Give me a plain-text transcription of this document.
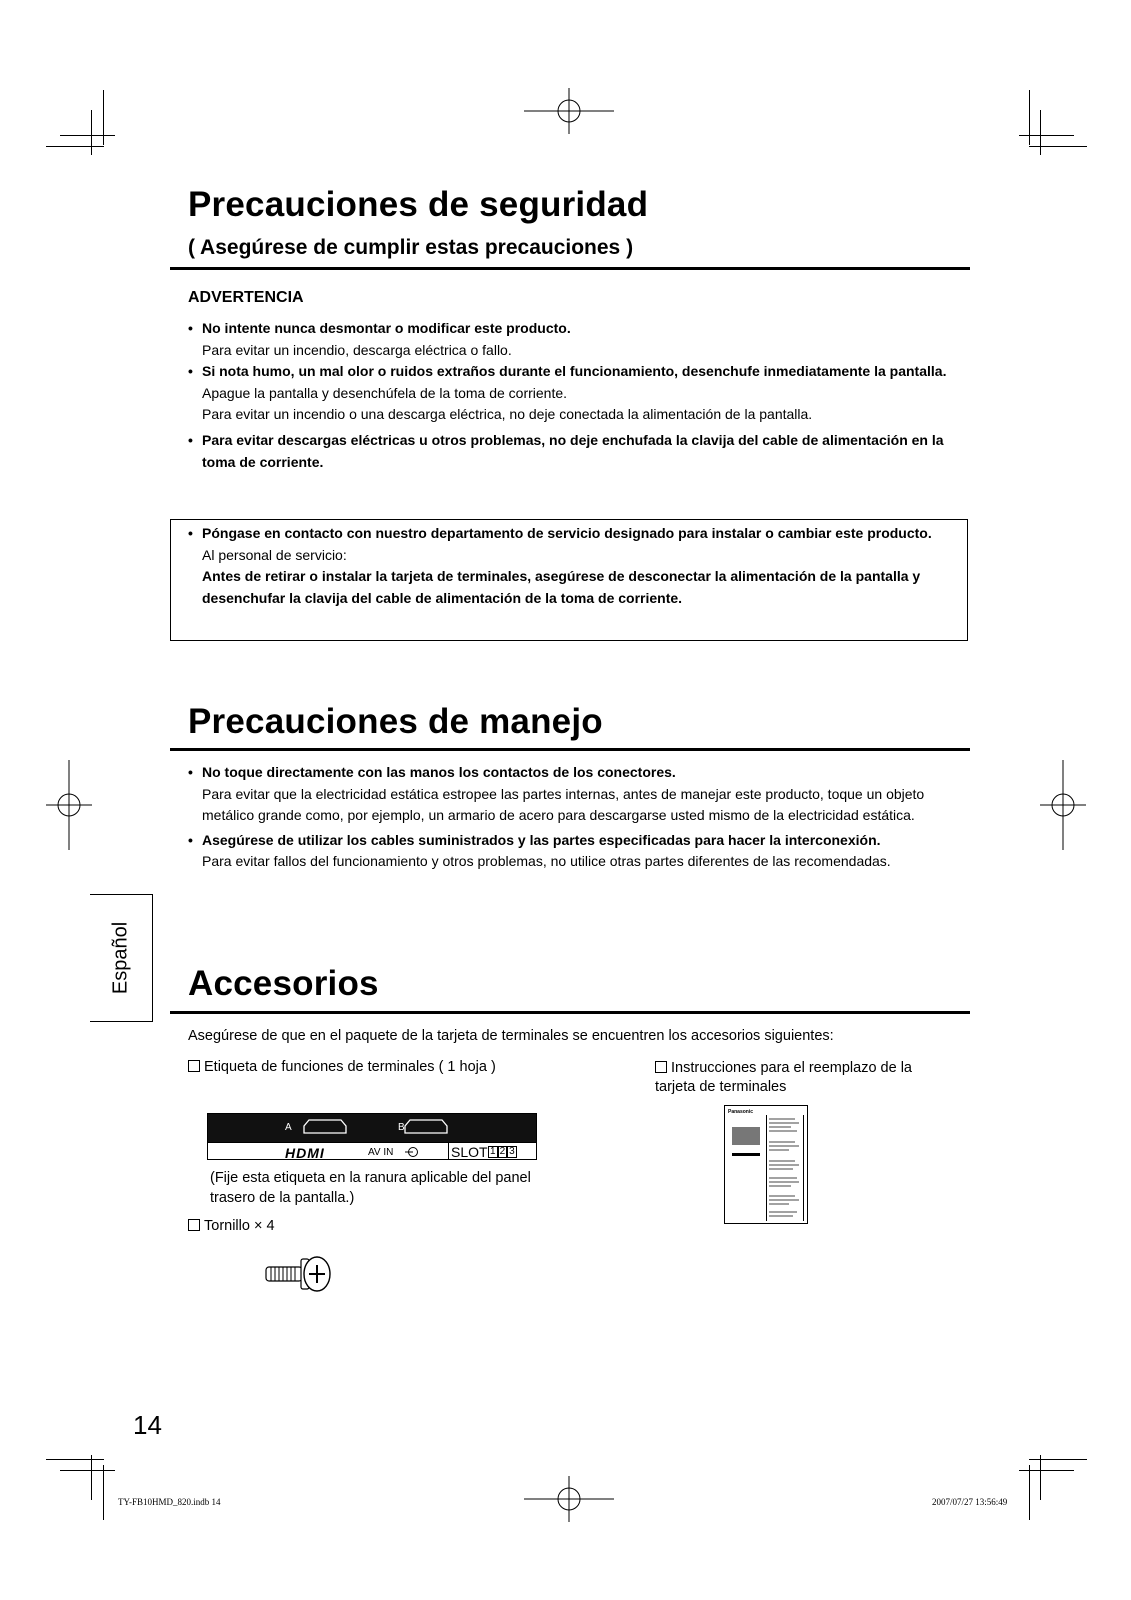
Precauciones de seguridad
( Asegúrese de cumplir estas precauciones )
ADVERTENCIA
• No intente nunca desmontar o modificar este producto.
Para evitar un incendio, descarga eléctrica o fallo.
• Si nota humo, un mal olor o ruidos extraños durante el funcionamiento, desenchufe inmediatamente la pantalla.
Apague la pantalla y desenchúfela de la toma de corriente.
Para evitar un incendio o una descarga eléctrica, no deje conectada la alimentación de la pantalla.
• Para evitar descargas eléctricas u otros problemas, no deje enchufada la clavija del cable de alimentación en la toma de corriente.
• Póngase en contacto con nuestro departamento de servicio designado para instalar o cambiar este producto.
Al personal de servicio:
Antes de retirar o instalar la tarjeta de terminales, asegúrese de desconectar la alimentación de la pantalla y desenchufar la clavija del cable de alimentación de la toma de corriente.
Precauciones de manejo
• No toque directamente con las manos los contactos de los conectores.
Para evitar que la electricidad estática estropee las partes internas, antes de manejar este producto, toque un objeto metálico grande como, por ejemplo, un armario de acero para descargarse usted mismo de la electricidad estática.
• Asegúrese de utilizar los cables suministrados y las partes especificadas para hacer la interconexión.
Para evitar fallos del funcionamiento y otros problemas, no utilice otras partes diferentes de las recomendadas.
Español Accesorios
Asegúrese de que en el paquete de la tarjeta de terminales se encuentren los accesorios siguientes:
Etiqueta de funciones de terminales ( 1 hoja )
A	B
HDMI	AV IN	SLOT 1 2 3
(Fije esta etiqueta en la ranura aplicable del panel trasero de la pantalla.)
Tornillo × 4
Instrucciones para el reemplazo de la tarjeta de terminales
Panasonic
14
TY-FB10HMD_820.indb 14	2007/07/27 13:56:49
